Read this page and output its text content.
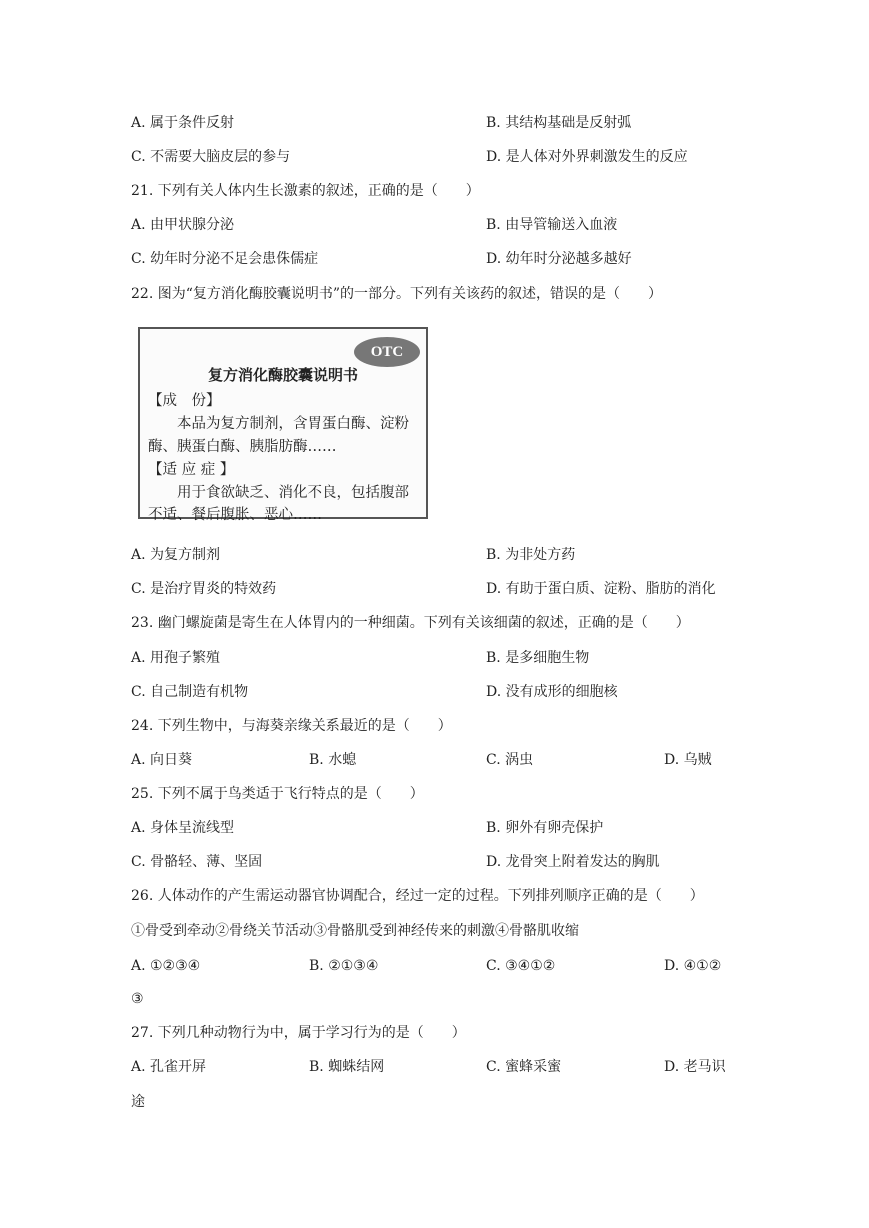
A. 属于条件反射	B. 其结构基础是反射弧
C. 不需要大脑皮层的参与	D. 是人体对外界刺激发生的反应
21. 下列有关人体内生长激素的叙述，正确的是（　　）
A. 由甲状腺分泌	B. 由导管输送入血液
C. 幼年时分泌不足会患侏儒症	D. 幼年时分泌越多越好
22. 图为“复方消化酶胶囊说明书”的一部分。下列有关该药的叙述，错误的是（　　）
A. 为复方制剂	B. 为非处方药
C. 是治疗胃炎的特效药	D. 有助于蛋白质、淀粉、脂肪的消化
23. 幽门螺旋菌是寄生在人体胃内的一种细菌。下列有关该细菌的叙述，正确的是（　　）
A. 用孢子繁殖	B. 是多细胞生物
C. 自己制造有机物	D. 没有成形的细胞核
24. 下列生物中，与海葵亲缘关系最近的是（　　）
A. 向日葵	B. 水螅	C. 涡虫	D. 乌贼
25. 下列不属于鸟类适于飞行特点的是（　　）
A. 身体呈流线型	B. 卵外有卵壳保护
C. 骨骼轻、薄、坚固	D. 龙骨突上附着发达的胸肌
26. 人体动作的产生需运动器官协调配合，经过一定的过程。下列排列顺序正确的是（　　）
①骨受到牵动②骨绕关节活动③骨骼肌受到神经传来的刺激④骨骼肌收缩
A. ①②③④	B. ②①③④	C. ③④①②	D. ④①②
③
27. 下列几种动物行为中，属于学习行为的是（　　）
A. 孔雀开屏	B. 蜘蛛结网	C. 蜜蜂采蜜	D. 老马识
途
OTC
复方消化酶胶囊说明书
【成　份】
　　本品为复方制剂，含胃蛋白酶、淀粉
酶、胰蛋白酶、胰脂肪酶……
【适 应 症 】
　　用于食欲缺乏、消化不良，包括腹部
不适、餐后腹胀、恶心……
